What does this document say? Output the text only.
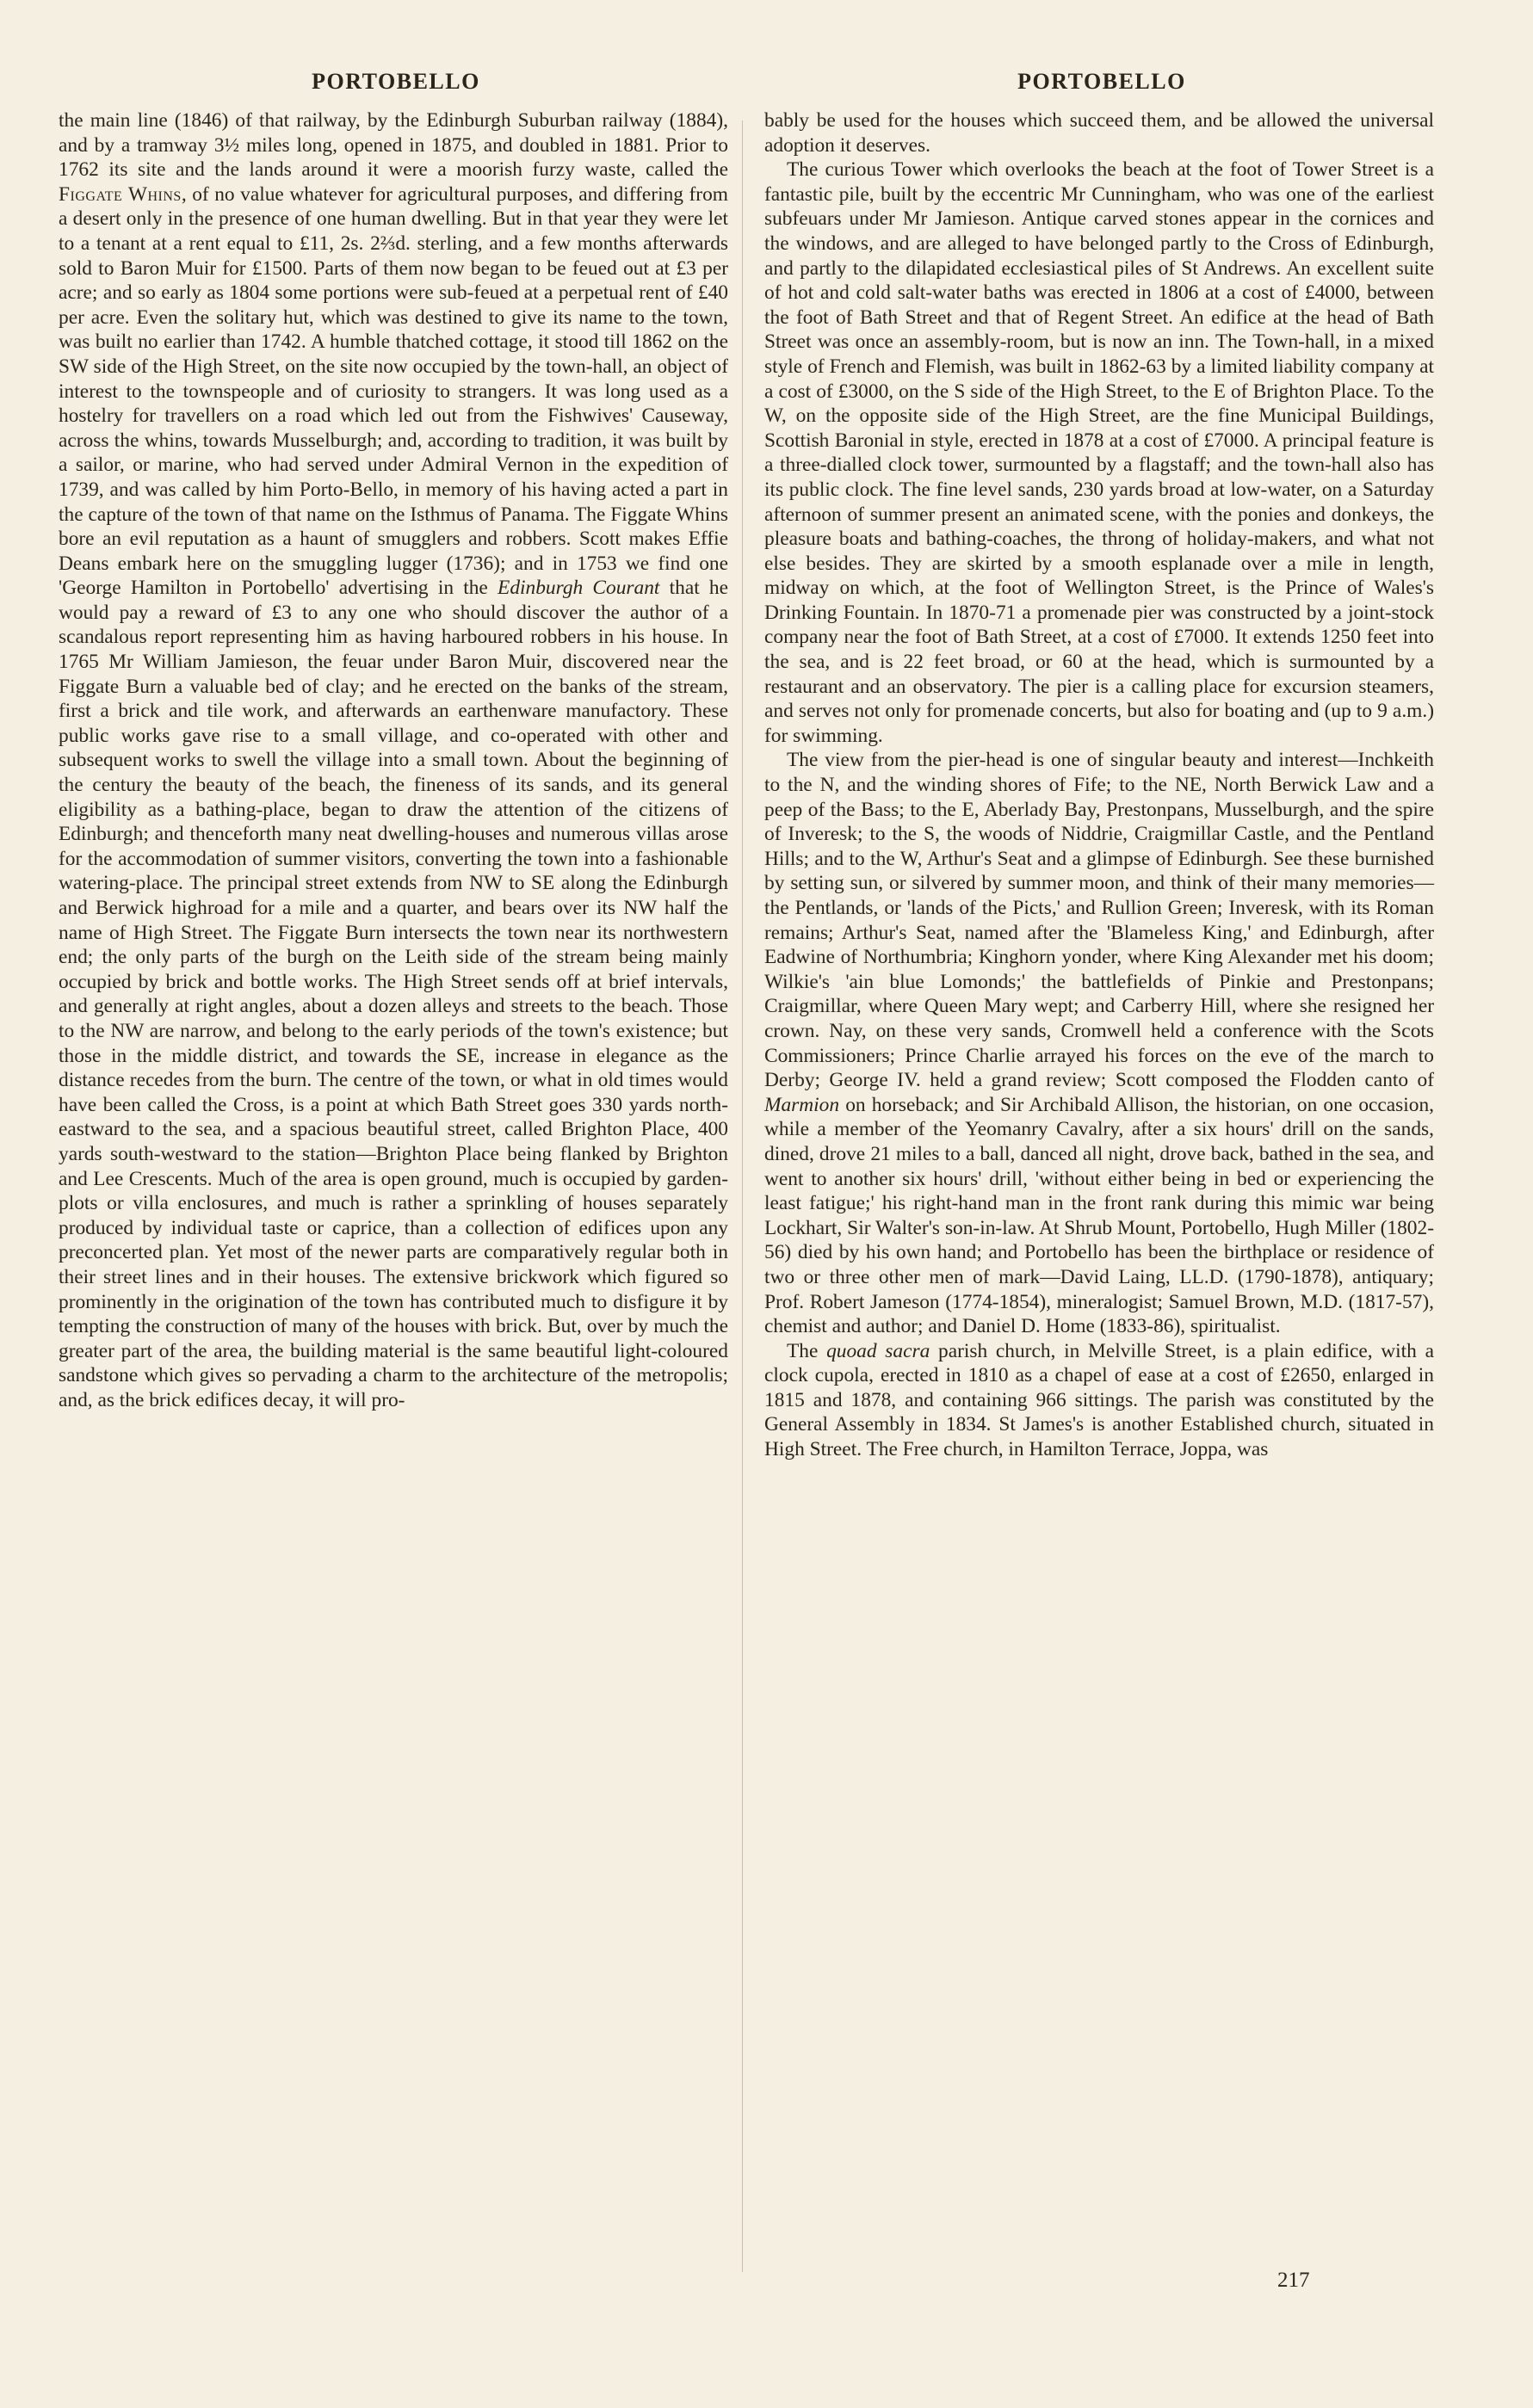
PORTOBELLO	PORTOBELLO

the main line (1846) of that railway, by the Edinburgh Suburban railway (1884), and by a tramway 3½ miles long, opened in 1875, and doubled in 1881. Prior to 1762 its site and the lands around it were a moorish furzy waste, called the Figgate Whins, of no value whatever for agricultural purposes, and differing from a desert only in the presence of one human dwelling. But in that year they were let to a tenant at a rent equal to £11, 2s. 2⅔d. sterling, and a few months afterwards sold to Baron Muir for £1500. Parts of them now began to be feued out at £3 per acre; and so early as 1804 some portions were sub-feued at a perpetual rent of £40 per acre. Even the solitary hut, which was destined to give its name to the town, was built no earlier than 1742. A humble thatched cottage, it stood till 1862 on the SW side of the High Street, on the site now occupied by the town-hall, an object of interest to the townspeople and of curiosity to strangers. It was long used as a hostelry for travellers on a road which led out from the Fishwives' Causeway, across the whins, towards Musselburgh; and, according to tradition, it was built by a sailor, or marine, who had served under Admiral Vernon in the expedition of 1739, and was called by him Porto-Bello, in memory of his having acted a part in the capture of the town of that name on the Isthmus of Panama. The Figgate Whins bore an evil reputation as a haunt of smugglers and robbers. Scott makes Effie Deans embark here on the smuggling lugger (1736); and in 1753 we find one 'George Hamilton in Portobello' advertising in the Edinburgh Courant that he would pay a reward of £3 to any one who should discover the author of a scandalous report representing him as having harboured robbers in his house. In 1765 Mr William Jamieson, the feuar under Baron Muir, discovered near the Figgate Burn a valuable bed of clay; and he erected on the banks of the stream, first a brick and tile work, and afterwards an earthenware manufactory. These public works gave rise to a small village, and co-operated with other and subsequent works to swell the village into a small town. About the beginning of the century the beauty of the beach, the fineness of its sands, and its general eligibility as a bathing-place, began to draw the attention of the citizens of Edinburgh; and thenceforth many neat dwelling-houses and numerous villas arose for the accommodation of summer visitors, converting the town into a fashionable watering-place. The principal street extends from NW to SE along the Edinburgh and Berwick highroad for a mile and a quarter, and bears over its NW half the name of High Street. The Figgate Burn intersects the town near its northwestern end; the only parts of the burgh on the Leith side of the stream being mainly occupied by brick and bottle works. The High Street sends off at brief intervals, and generally at right angles, about a dozen alleys and streets to the beach. Those to the NW are narrow, and belong to the early periods of the town's existence; but those in the middle district, and towards the SE, increase in elegance as the distance recedes from the burn. The centre of the town, or what in old times would have been called the Cross, is a point at which Bath Street goes 330 yards north-eastward to the sea, and a spacious beautiful street, called Brighton Place, 400 yards south-westward to the station—Brighton Place being flanked by Brighton and Lee Crescents. Much of the area is open ground, much is occupied by garden-plots or villa enclosures, and much is rather a sprinkling of houses separately produced by individual taste or caprice, than a collection of edifices upon any preconcerted plan. Yet most of the newer parts are comparatively regular both in their street lines and in their houses. The extensive brickwork which figured so prominently in the origination of the town has contributed much to disfigure it by tempting the construction of many of the houses with brick. But, over by much the greater part of the area, the building material is the same beautiful light-coloured sandstone which gives so pervading a charm to the architecture of the metropolis; and, as the brick edifices decay, it will pro-

bably be used for the houses which succeed them, and be allowed the universal adoption it deserves.

The curious Tower which overlooks the beach at the foot of Tower Street is a fantastic pile, built by the eccentric Mr Cunningham, who was one of the earliest subfeuars under Mr Jamieson. Antique carved stones appear in the cornices and the windows, and are alleged to have belonged partly to the Cross of Edinburgh, and partly to the dilapidated ecclesiastical piles of St Andrews. An excellent suite of hot and cold salt-water baths was erected in 1806 at a cost of £4000, between the foot of Bath Street and that of Regent Street. An edifice at the head of Bath Street was once an assembly-room, but is now an inn. The Town-hall, in a mixed style of French and Flemish, was built in 1862-63 by a limited liability company at a cost of £3000, on the S side of the High Street, to the E of Brighton Place. To the W, on the opposite side of the High Street, are the fine Municipal Buildings, Scottish Baronial in style, erected in 1878 at a cost of £7000. A principal feature is a three-dialled clock tower, surmounted by a flagstaff; and the town-hall also has its public clock. The fine level sands, 230 yards broad at low-water, on a Saturday afternoon of summer present an animated scene, with the ponies and donkeys, the pleasure boats and bathing-coaches, the throng of holiday-makers, and what not else besides. They are skirted by a smooth esplanade over a mile in length, midway on which, at the foot of Wellington Street, is the Prince of Wales's Drinking Fountain. In 1870-71 a promenade pier was constructed by a joint-stock company near the foot of Bath Street, at a cost of £7000. It extends 1250 feet into the sea, and is 22 feet broad, or 60 at the head, which is surmounted by a restaurant and an observatory. The pier is a calling place for excursion steamers, and serves not only for promenade concerts, but also for boating and (up to 9 a.m.) for swimming.

The view from the pier-head is one of singular beauty and interest—Inchkeith to the N, and the winding shores of Fife; to the NE, North Berwick Law and a peep of the Bass; to the E, Aberlady Bay, Prestonpans, Musselburgh, and the spire of Inveresk; to the S, the woods of Niddrie, Craigmillar Castle, and the Pentland Hills; and to the W, Arthur's Seat and a glimpse of Edinburgh. See these burnished by setting sun, or silvered by summer moon, and think of their many memories—the Pentlands, or 'lands of the Picts,' and Rullion Green; Inveresk, with its Roman remains; Arthur's Seat, named after the 'Blameless King,' and Edinburgh, after Eadwine of Northumbria; Kinghorn yonder, where King Alexander met his doom; Wilkie's 'ain blue Lomonds;' the battlefields of Pinkie and Prestonpans; Craigmillar, where Queen Mary wept; and Carberry Hill, where she resigned her crown. Nay, on these very sands, Cromwell held a conference with the Scots Commissioners; Prince Charlie arrayed his forces on the eve of the march to Derby; George IV. held a grand review; Scott composed the Flodden canto of Marmion on horseback; and Sir Archibald Allison, the historian, on one occasion, while a member of the Yeomanry Cavalry, after a six hours' drill on the sands, dined, drove 21 miles to a ball, danced all night, drove back, bathed in the sea, and went to another six hours' drill, 'without either being in bed or experiencing the least fatigue;' his right-hand man in the front rank during this mimic war being Lockhart, Sir Walter's son-in-law. At Shrub Mount, Portobello, Hugh Miller (1802-56) died by his own hand; and Portobello has been the birthplace or residence of two or three other men of mark—David Laing, LL.D. (1790-1878), antiquary; Prof. Robert Jameson (1774-1854), mineralogist; Samuel Brown, M.D. (1817-57), chemist and author; and Daniel D. Home (1833-86), spiritualist.

The quoad sacra parish church, in Melville Street, is a plain edifice, with a clock cupola, erected in 1810 as a chapel of ease at a cost of £2650, enlarged in 1815 and 1878, and containing 966 sittings. The parish was constituted by the General Assembly in 1834. St James's is another Established church, situated in High Street. The Free church, in Hamilton Terrace, Joppa, was

217
